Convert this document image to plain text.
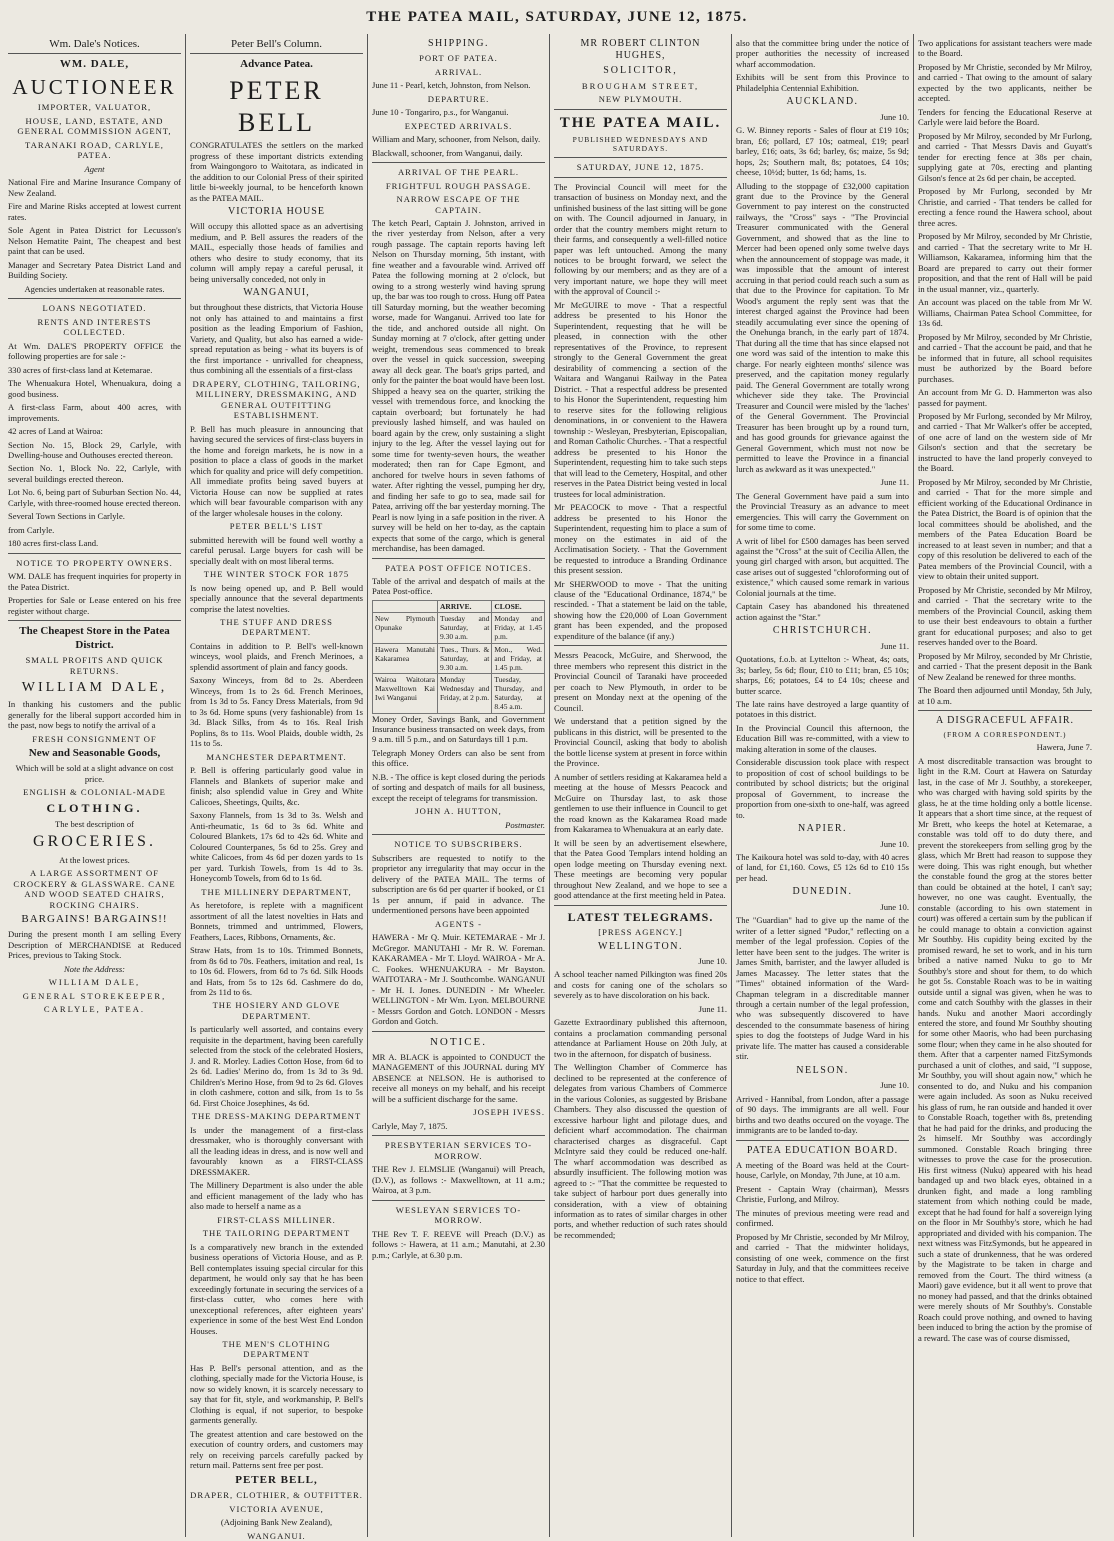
THE PATEA MAIL, SATURDAY, JUNE 12, 1875.
Wm. Dale's Notices.

WM. DALE,

AUCTIONEER

IMPORTER, VALUATOR,

HOUSE, LAND, ESTATE, AND GENERAL COMMISSION AGENT,

TARANAKI ROAD, CARLYLE, PATEA.

Agent

National Fire and Marine Insurance Company of New Zealand.

Fire and Marine Risks accepted at lowest current rates.

Sole Agent in Patea District for Lecusson's Nelson Hematite Paint, The cheapest and best paint that can be used.

Manager and Secretary Patea District Land and Building Society.

Agencies undertaken at reasonable rates.

LOANS NEGOTIATED.

RENTS AND INTERESTS COLLECTED.

At Wm. DALE'S PROPERTY OFFICE the following properties are for sale :-

330 acres of first-class land at Ketemarae.

The Whenuakura Hotel, Whenuakura, doing a good business.

A first-class Farm, about 400 acres, with improvements.

42 acres of Land at Wairoa:

Section No. 15, Block 29, Carlyle, with Dwelling-house and Outhouses erected thereon.

Section No. 1, Block No. 22, Carlyle, with several buildings erected thereon.

Lot No. 6, being part of Suburban Section No. 44, Carlyle, with three-roomed house erected thereon.

Several Town Sections in Carlyle.

from Carlyle.

180 acres first-class Land.

NOTICE TO PROPERTY OWNERS.

WM. DALE has frequent inquiries for property in the Patea District.

Properties for Sale or Lease entered on his free register without charge.

The Cheapest Store in the Patea District.

SMALL PROFITS AND QUICK RETURNS.

WILLIAM DALE,

In thanking his customers and the public generally for the liberal support accorded him in the past, now begs to notify the arrival of a

FRESH CONSIGNMENT OF

New and Seasonable Goods,

Which will be sold at a slight advance on cost price.

ENGLISH & COLONIAL-MADE

CLOTHING.

The best description of

GROCERIES.

At the lowest prices.

A LARGE ASSORTMENT OF CROCKERY & GLASSWARE. CANE AND WOOD SEATED CHAIRS, ROCKING CHAIRS.

BARGAINS! BARGAINS!!

During the present month I am selling Every Description of MERCHANDISE at Reduced Prices, previous to Taking Stock.

Note the Address:

WILLIAM DALE,

GENERAL STOREKEEPER,

CARLYLE, PATEA.

Peter Bell's Column.

Advance Patea.

PETER BELL

CONGRATULATES the settlers on the marked progress of these important districts extending from Waingongoro to Waitotara, as indicated in the addition to our Colonial Press of their spirited little bi-weekly journal, to be henceforth known as the PATEA MAIL.

VICTORIA HOUSE

Will occupy this allotted space as an advertising medium, and P. Bell assures the readers of the MAIL, especially those heads of families and others who desire to study economy, that its column will amply repay a careful perusal, it being universally conceded, not only in

WANGANUI,

but throughout these districts, that Victoria House not only has attained to and maintains a first position as the leading Emporium of Fashion, Variety, and Quality, but also has earned a wide-spread reputation as being - what its buyers is of the first importance - unrivalled for cheapness, thus combining all the essentials of a first-class

DRAPERY, CLOTHING, TAILORING, MILLINERY, DRESSMAKING, AND GENERAL OUTFITTING ESTABLISHMENT.

P. Bell has much pleasure in announcing that having secured the services of first-class buyers in the home and foreign markets, he is now in a position to place a class of goods in the market which for quality and price will defy competition. All immediate profits being saved buyers at Victoria House can now be supplied at rates which will bear favourable comparison with any of the larger wholesale houses in the colony.

PETER BELL'S LIST

submitted herewith will be found well worthy a careful perusal. Large buyers for cash will be specially dealt with on most liberal terms.

THE WINTER STOCK FOR 1875

Is now being opened up, and P. Bell would specially announce that the several departments comprise the latest novelties.

THE STUFF AND DRESS DEPARTMENT.

Contains in addition to P. Bell's well-known winceys, wool plaids, and French Merinoes, a splendid assortment of plain and fancy goods.

Saxony Winceys, from 8d to 2s. Aberdeen Winceys, from 1s to 2s 6d. French Merinoes, from 1s 3d to 5s. Fancy Dress Materials, from 9d to 3s 6d. Home spuns (very fashionable) from 1s 3d. Black Silks, from 4s to 16s. Real Irish Poplins, 8s to 11s. Wool Plaids, double width, 2s 11s to 5s.

MANCHESTER DEPARTMENT.

P. Bell is offering particularly good value in Flannels and Blankets of superior make and finish; also splendid value in Grey and White Calicoes, Sheetings, Quilts, &c.

Saxony Flannels, from 1s 3d to 3s. Welsh and Anti-rheumatic, 1s 6d to 3s 6d. White and Coloured Blankets, 17s 6d to 42s 6d. White and Coloured Counterpanes, 5s 6d to 25s. Grey and white Calicoes, from 4s 6d per dozen yards to 1s per yard. Turkish Towels, from 1s 4d to 3s. Honeycomb Towels, from 6d to 1s 6d.

THE MILLINERY DEPARTMENT,

As heretofore, is replete with a magnificent assortment of all the latest novelties in Hats and Bonnets, trimmed and untrimmed, Flowers, Feathers, Laces, Ribbons, Ornaments, &c.

Straw Hats, from 1s to 10s. Trimmed Bonnets, from 8s 6d to 70s. Feathers, imitation and real, 1s to 10s 6d. Flowers, from 6d to 7s 6d. Silk Hoods and Hats, from 5s to 12s 6d. Cashmere do do, from 2s 11d to 6s.

THE HOSIERY AND GLOVE DEPARTMENT.

Is particularly well assorted, and contains every requisite in the department, having been carefully selected from the stock of the celebrated Hosiers, J. and R. Morley. Ladies Cotton Hose, from 6d to 2s 6d. Ladies' Merino do, from 1s 3d to 3s 9d. Children's Merino Hose, from 9d to 2s 6d. Gloves in cloth cashmere, cotton and silk, from 1s to 5s 6d. First Choice Josephines, 4s 6d.

THE DRESS-MAKING DEPARTMENT

Is under the management of a first-class dressmaker, who is thoroughly conversant with all the leading ideas in dress, and is now well and favourably known as a FIRST-CLASS DRESSMAKER.

The Millinery Department is also under the able and efficient management of the lady who has also made to herself a name as a

FIRST-CLASS MILLINER.

THE TAILORING DEPARTMENT

Is a comparatively new branch in the extended business operations of Victoria House, and as P. Bell contemplates issuing special circular for this department, he would only say that he has been exceedingly fortunate in securing the services of a first-class cutter, who comes here with unexceptional references, after eighteen years' experience in some of the best West End London Houses.

THE MEN'S CLOTHING DEPARTMENT

Has P. Bell's personal attention, and as the clothing, specially made for the Victoria House, is now so widely known, it is scarcely necessary to say that for fit, style, and workmanship, P. Bell's Clothing is equal, if not superior, to bespoke garments generally.

The greatest attention and care bestowed on the execution of country orders, and customers may rely on receiving parcels carefully packed by return mail. Patterns sent free per post.

PETER BELL,

DRAPER, CLOTHIER, & OUTFITTER.

VICTORIA AVENUE,

(Adjoining Bank New Zealand),

WANGANUI.

SHIPPING.

PORT OF PATEA.

ARRIVAL.

June 11 - Pearl, ketch, Johnston, from Nelson.

DEPARTURE.

June 10 - Tongariro, p.s., for Wanganui.

EXPECTED ARRIVALS.

William and Mary, schooner, from Nelson, daily.

Blackwall, schooner, from Wanganui, daily.

ARRIVAL OF THE PEARL.

FRIGHTFUL ROUGH PASSAGE.

NARROW ESCAPE OF THE CAPTAIN.

The ketch Pearl, Captain J. Johnston, arrived in the river yesterday from Nelson, after a very rough passage. The captain reports having left Nelson on Thursday morning, 5th instant, with fine weather and a favourable wind. Arrived off Patea the following morning at 2 o'clock, but owing to a strong westerly wind having sprung up, the bar was too rough to cross. Hung off Patea till Saturday morning, but the weather becoming worse, made for Wanganui. Arrived too late for the tide, and anchored outside all night. On Sunday morning at 7 o'clock, after getting under weight, tremendous seas commenced to break over the vessel in quick succession, sweeping away all deck gear. The boat's grips parted, and only for the painter the boat would have been lost. Shipped a heavy sea on the quarter, striking the vessel with tremendous force, and knocking the captain overboard; but fortunately he had previously lashed himself, and was hauled on board again by the crew, only sustaining a slight injury to the leg. After the vessel laying out for some time for twenty-seven hours, the weather moderated; then ran for Cape Egmont, and anchored for twelve hours in seven fathoms of water. After righting the vessel, pumping her dry, and finding her safe to go to sea, made sail for Patea, arriving off the bar yesterday morning. The Pearl is now lying in a safe position in the river. A survey will be held on her to-day, as the captain expects that some of the cargo, which is general merchandise, has been damaged.

PATEA POST OFFICE NOTICES.

Table of the arrival and despatch of mails at the Patea Post-office.

	ARRIVE.	CLOSE.
New Plymouth Opunake	Tuesday and Saturday, at 9.30 a.m.	Monday and Friday, at 1.45 p.m.
Hawera Manutahi Kakaramea	Tues., Thurs. & Saturday, at 9.30 a.m.	Mon., Wed. and Friday, at 1.45 p.m.
Wairoa Waitotara Maxwelltown Kai Iwi Wanganui	Monday Wednesday and Friday, at 2 p.m.	Tuesday, Thursday, and Saturday, at 8.45 a.m.

Money Order, Savings Bank, and Government Insurance business transacted on week days, from 9 a.m. till 5 p.m., and on Saturdays till 1 p.m.

Telegraph Money Orders can also be sent from this office.

N.B. - The office is kept closed during the periods of sorting and despatch of mails for all business, except the receipt of telegrams for transmission.

JOHN A. HUTTON,

Postmaster.

NOTICE TO SUBSCRIBERS.

Subscribers are requested to notify to the proprietor any irregularity that may occur in the delivery of the PATEA MAIL. The terms of subscription are 6s 6d per quarter if booked, or £1 1s per annum, if paid in advance. The undermentioned persons have been appointed

AGENTS -

HAWERA - Mr Q. Muir. KETEMARAE - Mr J. McGregor. MANUTAHI - Mr R. W. Foreman. KAKARAMEA - Mr T. Lloyd. WAIROA - Mr A. C. Fookes. WHENUAKURA - Mr Bayston. WAITOTARA - Mr J. Southcombe. WANGANUI - Mr H. I. Jones. DUNEDIN - Mr Wheeler. WELLINGTON - Mr Wm. Lyon. MELBOURNE - Messrs Gordon and Gotch. LONDON - Messrs Gordon and Gotch.

NOTICE.

MR A. BLACK is appointed to CONDUCT the MANAGEMENT of this JOURNAL during MY ABSENCE at NELSON. He is authorised to receive all moneys on my behalf, and his receipt will be a sufficient discharge for the same.

JOSEPH IVESS.

Carlyle, May 7, 1875.

PRESBYTERIAN SERVICES TO-MORROW.

THE Rev J. ELMSLIE (Wanganui) will Preach, (D.V.), as follows :- Maxwelltown, at 11 a.m.; Wairoa, at 3 p.m.

WESLEYAN SERVICES TO-MORROW.

THE Rev T. F. REEVE will Preach (D.V.) as follows :- Hawera, at 11 a.m.; Manutahi, at 2.30 p.m.; Carlyle, at 6.30 p.m.

MR ROBERT CLINTON HUGHES,

SOLICITOR,

BROUGHAM STREET,

NEW PLYMOUTH.

THE PATEA MAIL.

PUBLISHED WEDNESDAYS AND SATURDAYS.

SATURDAY, JUNE 12, 1875.

The Provincial Council will meet for the transaction of business on Monday next, and the unfinished business of the last sitting will be gone on with. The Council adjourned in January, in order that the country members might return to their farms, and consequently a well-filled notice paper was left untouched. Among the many notices to be brought forward, we select the following by our members; and as they are of a very important nature, we hope they will meet with the approval of Council :-

Mr McGUIRE to move - That a respectful address be presented to his Honor the Superintendent, requesting that he will be pleased, in connection with the other representatives of the Province, to represent strongly to the General Government the great desirability of commencing a section of the Waitara and Wanganui Railway in the Patea District. - That a respectful address be presented to his Honor the Superintendent, requesting him to reserve sites for the following religious denominations, in or convenient to the Hawera township :- Wesleyan, Presbyterian, Episcopalian, and Roman Catholic Churches. - That a respectful address be presented to his Honor the Superintendent, requesting him to take such steps that will lead to the Cemetery, Hospital, and other reserves in the Patea District being vested in local trustees for local administration.

Mr PEACOCK to move - That a respectful address be presented to his Honor the Superintendent, requesting him to place a sum of money on the estimates in aid of the Acclimatisation Society. - That the Government be requested to introduce a Branding Ordinance this present session.

Mr SHERWOOD to move - That the uniting clause of the "Educational Ordinance, 1874," be rescinded. - That a statement be laid on the table, showing how the £20,000 of Loan Government grant has been expended, and the proposed expenditure of the balance (if any.)

Messrs Peacock, McGuire, and Sherwood, the three members who represent this district in the Provincial Council of Taranaki have proceeded per coach to New Plymouth, in order to be present on Monday next at the opening of the Council.

We understand that a petition signed by the publicans in this district, will be presented to the Provincial Council, asking that body to abolish the bottle license system at present in force within the Province.

A number of settlers residing at Kakaramea held a meeting at the house of Messrs Peacock and McGuire on Thursday last, to ask those gentlemen to use their influence in Council to get the road known as the Kakaramea Road made from Kakaramea to Whenuakura at an early date.

It will be seen by an advertisement elsewhere, that the Patea Good Templars intend holding an open lodge meeting on Thursday evening next. These meetings are becoming very popular throughout New Zealand, and we hope to see a good attendance at the first meeting held in Patea.

LATEST TELEGRAMS.

[PRESS AGENCY.]

WELLINGTON.

June 10.

A school teacher named Pilkington was fined 20s and costs for caning one of the scholars so severely as to have discoloration on his back.

June 11.

Gazette Extraordinary published this afternoon, contains a proclamation commanding personal attendance at Parliament House on 20th July, at two in the afternoon, for dispatch of business.

The Wellington Chamber of Commerce has declined to be represented at the conference of delegates from various Chambers of Commerce in the various Colonies, as suggested by Brisbane Chambers. They also discussed the question of excessive harbour light and pilotage dues, and deficient wharf accommodation. The chairman characterised charges as disgraceful. Capt McIntyre said they could be reduced one-half. The wharf accommodation was described as absurdly insufficient. The following motion was agreed to :- "That the committee be requested to take subject of harbour port dues generally into consideration, with a view of obtaining information as to rates of similar charges in other ports, and whether reduction of such rates should be recommended;

also that the committee bring under the notice of proper authorities the necessity of increased wharf accommodation.

Exhibits will be sent from this Province to Philadelphia Centennial Exhibition.

AUCKLAND.

June 10.

G. W. Binney reports - Sales of flour at £19 10s; bran, £6; pollard, £7 10s; oatmeal, £19; pearl barley, £16; oats, 3s 6d; barley, 6s; maize, 5s 9d; hops, 2s; Southern malt, 8s; potatoes, £4 10s; cheese, 10½d; butter, 1s 6d; hams, 1s.

Alluding to the stoppage of £32,000 capitation grant due to the Province by the General Government to pay interest on the constructed railways, the "Cross" says - "The Provincial Treasurer communicated with the General Government, and showed that as the line to Mercer had been opened only some twelve days when the announcement of stoppage was made, it was impossible that the amount of interest accruing in that period could reach such a sum as that due to the Province for capitation. To Mr Wood's argument the reply sent was that the interest charged against the Province had been steadily accumulating ever since the opening of the Onehunga branch, in the early part of 1874. That during all the time that has since elapsed not one word was said of the intention to make this charge. For nearly eighteen months' silence was preserved, and the capitation money regularly paid. The General Government are totally wrong whichever side they take. The Provincial Treasurer and Council were misled by the 'laches' of the General Government. The Provincial Treasurer has been brought up by a round turn, and has good grounds for grievance against the General Government, which must not now be permitted to leave the Province in a financial lurch as awkward as it was unexpected."

June 11.

The General Government have paid a sum into the Provincial Treasury as an advance to meet emergencies. This will carry the Government on for some time to come.

A writ of libel for £500 damages has been served against the "Cross" at the suit of Cecilia Allen, the young girl charged with arson, but acquitted. The case arises out of suggested "chloroforming out of existence," which caused some remark in various Colonial journals at the time.

Captain Casey has abandoned his threatened action against the "Star."

CHRISTCHURCH.

June 11.

Quotations, f.o.b. at Lyttelton :- Wheat, 4s; oats, 3s; barley, 5s 6d; flour, £10 to £11; bran, £5 10s; sharps, £6; potatoes, £4 to £4 10s; cheese and butter scarce.

The late rains have destroyed a large quantity of potatoes in this district.

In the Provincial Council this afternoon, the Education Bill was re-committed, with a view to making alteration in some of the clauses.

Considerable discussion took place with respect to proposition of cost of school buildings to be contributed by school districts; but the original proposal of Government, to increase the proportion from one-sixth to one-half, was agreed to.

NAPIER.

June 10.

The Kaikoura hotel was sold to-day, with 40 acres of land, for £1,160. Cows, £5 12s 6d to £10 15s per head.

DUNEDIN.

June 10.

The "Guardian" had to give up the name of the writer of a letter signed "Pudor," reflecting on a member of the legal profession. Copies of the letter have been sent to the judges. The writer is James Smith, barrister, and the lawyer alluded is James Macassey. The letter states that the "Times" obtained information of the Ward-Chapman telegram in a discreditable manner through a certain number of the legal profession, who was subsequently discovered to have descended to the consummate baseness of hiring spies to dog the footsteps of Judge Ward in his private life. The matter has caused a considerable stir.

NELSON.

June 10.

Arrived - Hannibal, from London, after a passage of 90 days. The immigrants are all well. Four births and two deaths occured on the voyage. The immigrants are to be landed to-day.

PATEA EDUCATION BOARD.

A meeting of the Board was held at the Court-house, Carlyle, on Monday, 7th June, at 10 a.m.

Present - Captain Wray (chairman), Messrs Christie, Furlong, and Milroy.

The minutes of previous meeting were read and confirmed.

Proposed by Mr Christie, seconded by Mr Milroy, and carried - That the midwinter holidays, consisting of one week, commence on the first Saturday in July, and that the committees receive notice to that effect.

Two applications for assistant teachers were made to the Board.

Proposed by Mr Christie, seconded by Mr Milroy, and carried - That owing to the amount of salary expected by the two applicants, neither be accepted.

Tenders for fencing the Educational Reserve at Carlyle were laid before the Board.

Proposed by Mr Milroy, seconded by Mr Furlong, and carried - That Messrs Davis and Guyatt's tender for erecting fence at 38s per chain, supplying gate at 70s, erecting and planting Gilson's fence at 2s 6d per chain, be accepted.

Proposed by Mr Furlong, seconded by Mr Christie, and carried - That tenders be called for erecting a fence round the Hawera school, about three acres.

Proposed by Mr Milroy, seconded by Mr Christie, and carried - That the secretary write to Mr H. Williamson, Kakaramea, informing him that the Board are prepared to carry out their former proposition, and that the rent of Hall will be paid in the usual manner, viz., quarterly.

An account was placed on the table from Mr W. Williams, Chairman Patea School Committee, for 13s 6d.

Proposed by Mr Milroy, seconded by Mr Christie, and carried - That the account be paid, and that he be informed that in future, all school requisites must be authorized by the Board before purchases.

An account from Mr G. D. Hammerton was also passed for payment.

Proposed by Mr Furlong, seconded by Mr Milroy, and carried - That Mr Walker's offer be accepted, of one acre of land on the western side of Mr Gilson's section and that the secretary be instructed to have the land properly conveyed to the Board.

Proposed by Mr Milroy, seconded by Mr Christie, and carried - That for the more simple and efficient working of the Educational Ordinance in the Patea District, the Board is of opinion that the local committees should be abolished, and the members of the Patea Education Board be increased to at least seven in number; and that a copy of this resolution be delivered to each of the Patea members of the Provincial Council, with a view to obtain their united support.

Proposed by Mr Christie, seconded by Mr Milroy, and carried - That the secretary write to the members of the Provincial Council, asking them to use their best endeavours to obtain a further grant for educational purposes; and also to get reserves handed over to the Board.

Proposed by Mr Milroy, seconded by Mr Christie, and carried - That the present deposit in the Bank of New Zealand be renewed for three months.

The Board then adjourned until Monday, 5th July, at 10 a.m.

A DISGRACEFUL AFFAIR.

(FROM A CORRESPONDENT.)

Hawera, June 7.

A most discreditable transaction was brought to light in the R.M. Court at Hawera on Saturday last, in the case of Mr J. Southby, a storekeeper, who was charged with having sold spirits by the glass, he at the time holding only a bottle license. It appears that a short time since, at the request of Mr Brett, who keeps the hotel at Ketemarae, a constable was told off to do duty there, and prevent the storekeepers from selling grog by the glass, which Mr Brett had reason to suppose they were doing. This was right enough, but whether the constable found the grog at the stores better than could be obtained at the hotel, I can't say; however, no one was caught. Eventually, the constable (according to his own statement in court) was offered a certain sum by the publican if he could manage to obtain a conviction against Mr Southby. His cupidity being excited by the promised reward, he set to work, and in his turn bribed a native named Nuku to go to Mr Southby's store and shout for them, to do which he got 5s. Constable Roach was to be in waiting outside until a signal was given, when he was to come and catch Southby with the glasses in their hands. Nuku and another Maori accordingly entered the store, and found Mr Southby shouting for some other Maoris, who had been purchasing some flour; when they came in he also shouted for them. After that a carpenter named FitzSymonds purchased a unit of clothes, and said, "I suppose, Mr Southby, you will shout again now," which he consented to do, and Nuku and his companion were again included. As soon as Nuku received his glass of rum, he ran outside and handed it over to Constable Roach, together with 8s, pretending that he had paid for the drinks, and producing the 2s himself. Mr Southby was accordingly summoned. Constable Roach bringing three witnesses to prove the case for the prosecution. His first witness (Nuku) appeared with his head bandaged up and two black eyes, obtained in a drunken fight, and made a long rambling statement from which nothing could be made, except that he had found for half a sovereign lying on the floor in Mr Southby's store, which he had appropriated and divided with his companion. The next witness was FitzSymonds, but he appeared in such a state of drunkenness, that he was ordered by the Magistrate to be taken in charge and removed from the Court. The third witness (a Maori) gave evidence, but it all went to prove that no money had passed, and that the drinks obtained were merely shouts of Mr Southby's. Constable Roach could prove nothing, and owned to having been induced to bring the action by the promise of a reward. The case was of course dismissed,
